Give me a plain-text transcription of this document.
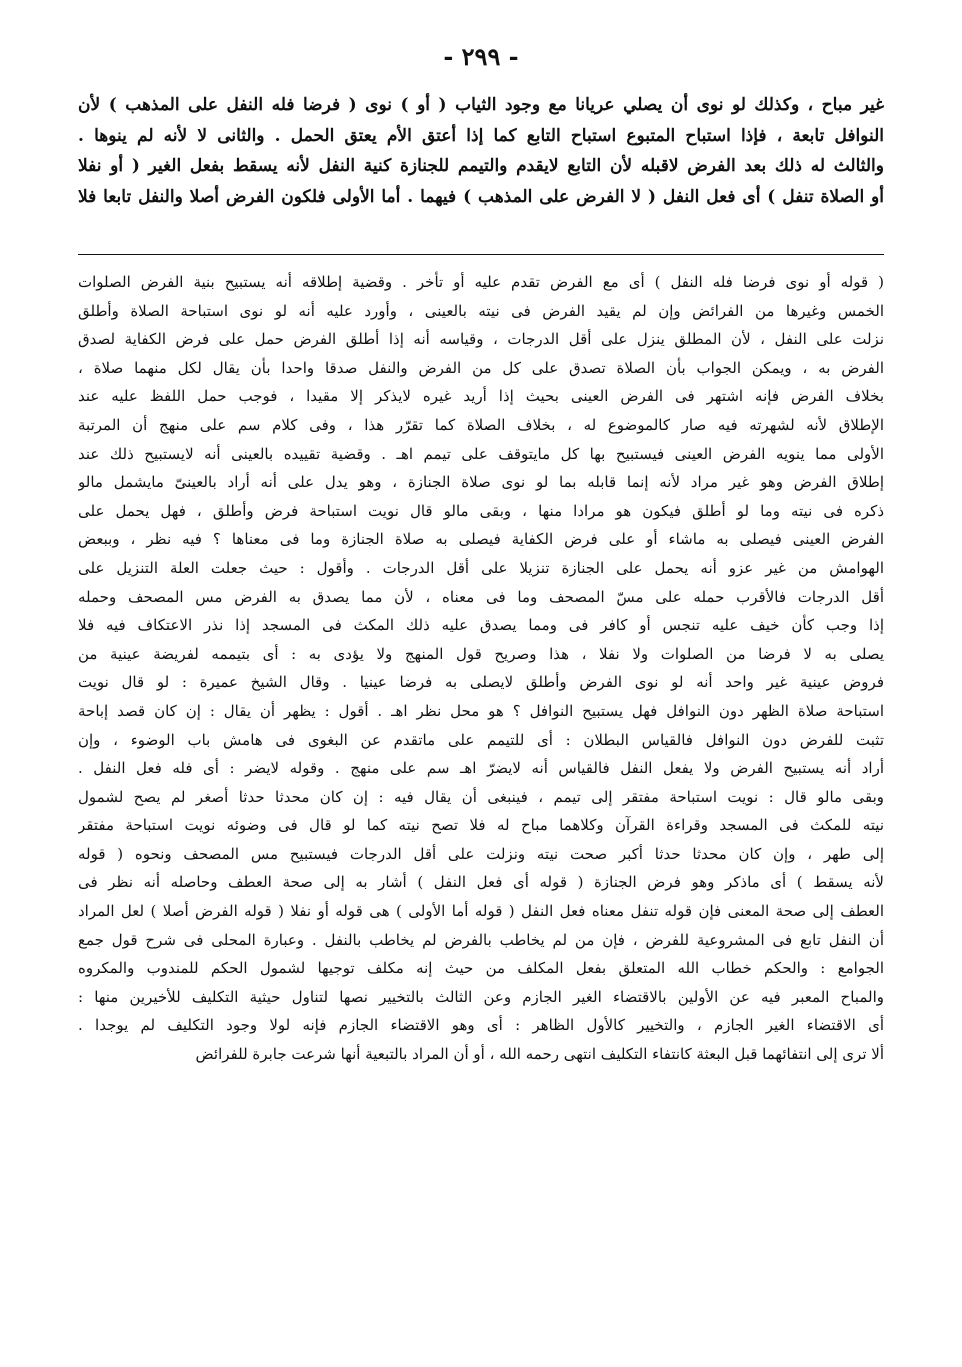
- ٢٩٩ -
غير مباح ، وكذلك لو نوى أن يصلي عريانا مع وجود الثياب ( أو ) نوى ( فرضا فله النفل على المذهب ) لأن
النوافل تابعة ، فإذا استباح المتبوع استباح التابع كما إذا أعتق الأم يعتق الحمل . والثانى لا لأنه لم ينوها .
والثالث له ذلك بعد الفرض لاقبله لأن التابع لايقدم والتيمم للجنازة كنية النفل لأنه يسقط بفعل الغير ( أو نفلا
أو الصلاة تنفل ) أى فعل النفل ( لا الفرض على المذهب ) فيهما . أما الأولى فلكون الفرض أصلا والنفل تابعا فلا
( قوله أو نوى فرضا فله النفل ) أى مع الفرض تقدم عليه أو تأخر . وقضية إطلاقه أنه يستبيح بنية الفرض الصلوات
الخمس وغيرها من الفرائض وإن لم يقيد الفرض فى نيته بالعينى ، وأورد عليه أنه لو نوى استباحة الصلاة وأطلق
نزلت على النفل ، لأن المطلق ينزل على أقل الدرجات ، وقياسه أنه إذا أطلق الفرض حمل على فرض الكفاية لصدق
الفرض به ، ويمكن الجواب بأن الصلاة تصدق على كل من الفرض والنفل صدقا واحدا بأن يقال لكل منهما صلاة ،
بخلاف الفرض فإنه اشتهر فى الفرض العينى بحيث إذا أريد غيره لايذكر إلا مقيدا ، فوجب حمل اللفظ عليه عند
الإطلاق لأنه لشهرته فيه صار كالموضوع له ، بخلاف الصلاة كما تقرّر هذا ، وفى كلام سم على منهج أن المرتبة
الأولى مما ينويه الفرض العينى فيستبيح بها كل مايتوقف على تيمم اهـ . وقضية تقييده بالعينى أنه لايستبيح ذلك عند
إطلاق الفرض وهو غير مراد لأنه إنما قابله بما لو نوى صلاة الجنازة ، وهو يدل على أنه أراد بالعينىّ مايشمل مالو
ذكره فى نيته وما لو أطلق فيكون هو مرادا منها ، وبقى مالو قال نويت استباحة فرض وأطلق ، فهل يحمل على
الفرض العينى فيصلى به ماشاء أو على فرض الكفاية فيصلى به صلاة الجنازة وما فى معناها ؟ فيه نظر ، وببعض
الهوامش من غير عزو أنه يحمل على الجنازة تنزيلا على أقل الدرجات . وأقول : حيث جعلت العلة التنزيل على
أقل الدرجات فالأقرب حمله على مسّ المصحف وما فى معناه ، لأن مما يصدق به الفرض مس المصحف وحمله
إذا وجب كأن خيف عليه تنجس أو كافر فى ومما يصدق عليه ذلك المكث فى المسجد إذا نذر الاعتكاف فيه فلا
يصلى به لا فرضا من الصلوات ولا نفلا ، هذا وصريح قول المنهج ولا يؤدى به : أى بتيممه لفريضة عينية من
فروض عينية غير واحد أنه لو نوى الفرض وأطلق لايصلى به فرضا عينيا . وقال الشيخ عميرة : لو قال نويت
استباحة صلاة الظهر دون النوافل فهل يستبيح النوافل ؟ هو محل نظر اهـ . أقول : يظهر أن يقال : إن كان قصد إباحة
تثبت للفرض دون النوافل فالقياس البطلان : أى للتيمم على ماتقدم عن البغوى فى هامش باب الوضوء ، وإن
أراد أنه يستبيح الفرض ولا يفعل النفل فالقياس أنه لايضرّ اهـ سم على منهج . وقوله لايضر : أى فله فعل النفل .
وبقى مالو قال : نويت استباحة مفتقر إلى تيمم ، فينبغى أن يقال فيه : إن كان محدثا حدثا أصغر لم يصح لشمول
نيته للمكث فى المسجد وقراءة القرآن وكلاهما مباح له فلا تصح نيته كما لو قال فى وضوئه نويت استباحة مفتقر
إلى طهر ، وإن كان محدثا حدثا أكبر صحت نيته ونزلت على أقل الدرجات فيستبيح مس المصحف ونحوه ( قوله
لأنه يسقط ) أى ماذكر وهو فرض الجنازة ( قوله أى فعل النفل ) أشار به إلى صحة العطف وحاصله أنه نظر فى
العطف إلى صحة المعنى فإن قوله تنفل معناه فعل النفل ( قوله أما الأولى ) هى قوله أو نفلا ( قوله الفرض أصلا ) لعل المراد
أن النفل تابع فى المشروعية للفرض ، فإن من لم يخاطب بالفرض لم يخاطب بالنفل . وعبارة المحلى فى شرح قول جمع
الجوامع : والحكم خطاب الله المتعلق بفعل المكلف من حيث إنه مكلف توجيها لشمول الحكم للمندوب والمكروه
والمباح المعبر فيه عن الأولين بالاقتضاء الغير الجازم وعن الثالث بالتخيير نصها لتناول حيثية التكليف للأخيرين منها :
أى الاقتضاء الغير الجازم ، والتخيير كالأول الظاهر : أى وهو الاقتضاء الجازم فإنه لولا وجود التكليف لم يوجدا .
ألا ترى إلى انتفائهما قبل البعثة كانتفاء التكليف انتهى رحمه الله ، أو أن المراد بالتبعية أنها شرعت جابرة للفرائض
